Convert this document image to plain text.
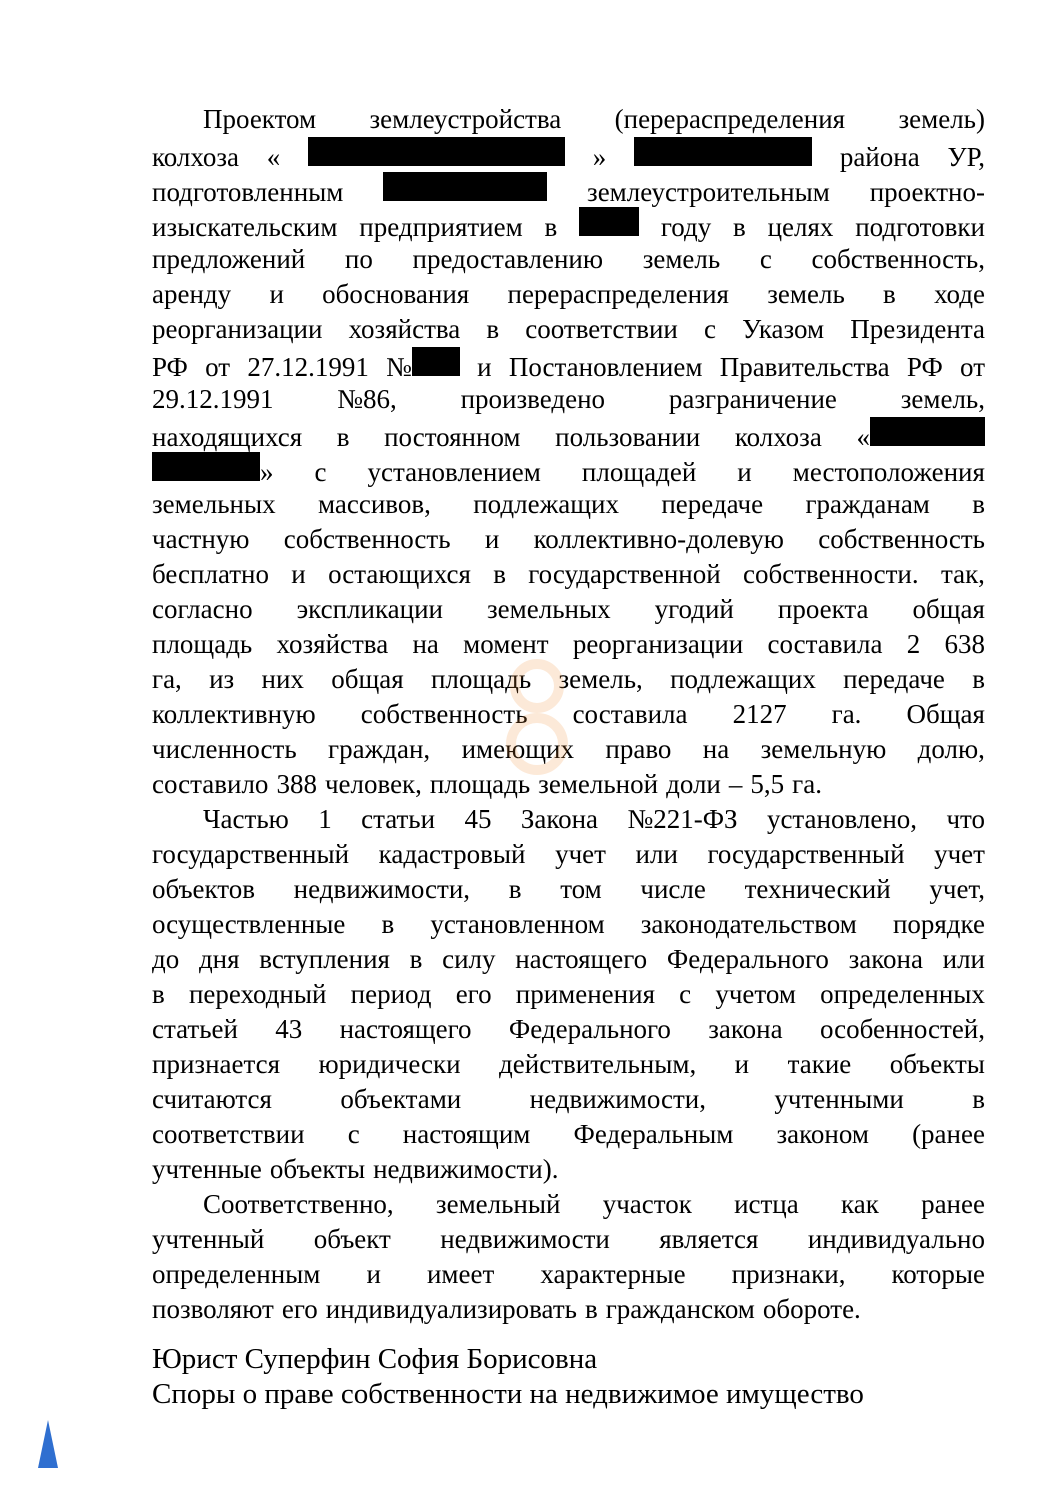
Проектом землеустройства (перераспределения земель)
колхоза «	»	района УР,
подготовленным	землеустроительным проектно-
изыскательским предприятием в	году в целях подготовки
предложений по предоставлению земель с собственность,
аренду и обоснования перераспределения земель в ходе
реорганизации хозяйства в соответствии с Указом Президента
РФ от 27.12.1991 № и Постановлением Правительства РФ от
29.12.1991 №86, произведено разграничение земель,
находящихся в постоянном пользовании колхоза «
» с установлением площадей и местоположения
земельных массивов, подлежащих передаче гражданам в
частную собственность и коллективно-долевую собственность
бесплатно и остающихся в государственной собственности. так,
согласно экспликации земельных угодий проекта общая
площадь хозяйства на момент реорганизации составила 2 638
га, из них общая площадь земель, подлежащих передаче в
коллективную собственность составила 2127 га. Общая
численность граждан, имеющих право на земельную долю,
составило 388 человек, площадь земельной доли – 5,5 га.
Частью 1 статьи 45 Закона №221-ФЗ установлено, что
государственный кадастровый учет или государственный учет
объектов недвижимости, в том числе технический учет,
осуществленные в установленном законодательством порядке
до дня вступления в силу настоящего Федерального закона или
в переходный период его применения с учетом определенных
статьей 43 настоящего Федерального закона особенностей,
признается юридически действительным, и такие объекты
считаются	объектами	недвижимости,	учтенными	в
соответствии с настоящим Федеральным законом (ранее
учтенные объекты недвижимости).
Соответственно, земельный участок истца как ранее
учтенный объект недвижимости является индивидуально
определенным и имеет характерные признаки, которые
позволяют его индивидуализировать в гражданском обороте.
Юрист Суперфин София Борисовна
Споры о праве собственности на недвижимое имущество
